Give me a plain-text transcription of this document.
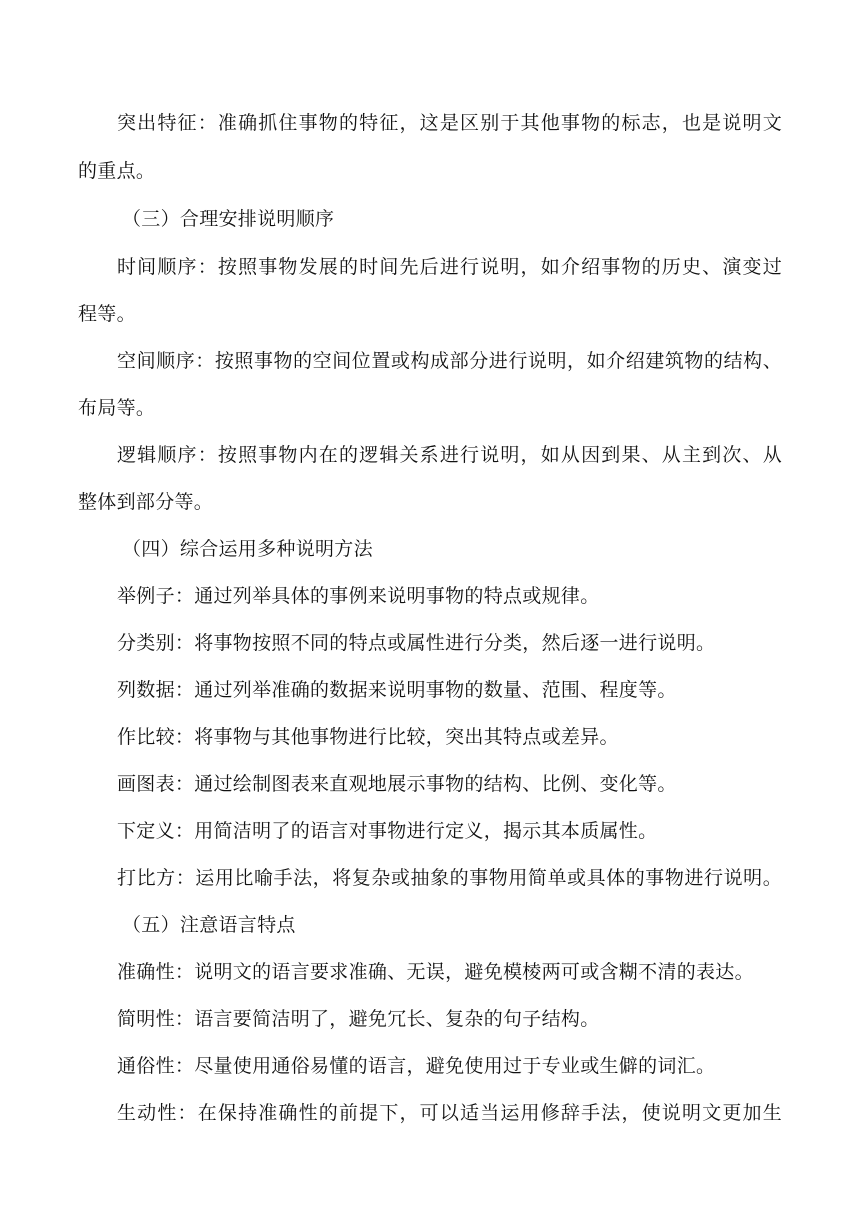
突出特征：准确抓住事物的特征，这是区别于其他事物的标志，也是说明文
的重点。
（三）合理安排说明顺序
时间顺序：按照事物发展的时间先后进行说明，如介绍事物的历史、演变过
程等。
空间顺序：按照事物的空间位置或构成部分进行说明，如介绍建筑物的结构、
布局等。
逻辑顺序：按照事物内在的逻辑关系进行说明，如从因到果、从主到次、从
整体到部分等。
（四）综合运用多种说明方法
举例子：通过列举具体的事例来说明事物的特点或规律。
分类别：将事物按照不同的特点或属性进行分类，然后逐一进行说明。
列数据：通过列举准确的数据来说明事物的数量、范围、程度等。
作比较：将事物与其他事物进行比较，突出其特点或差异。
画图表：通过绘制图表来直观地展示事物的结构、比例、变化等。
下定义：用简洁明了的语言对事物进行定义，揭示其本质属性。
打比方：运用比喻手法，将复杂或抽象的事物用简单或具体的事物进行说明。
（五）注意语言特点
准确性：说明文的语言要求准确、无误，避免模棱两可或含糊不清的表达。
简明性：语言要简洁明了，避免冗长、复杂的句子结构。
通俗性：尽量使用通俗易懂的语言，避免使用过于专业或生僻的词汇。
生动性：在保持准确性的前提下，可以适当运用修辞手法，使说明文更加生
